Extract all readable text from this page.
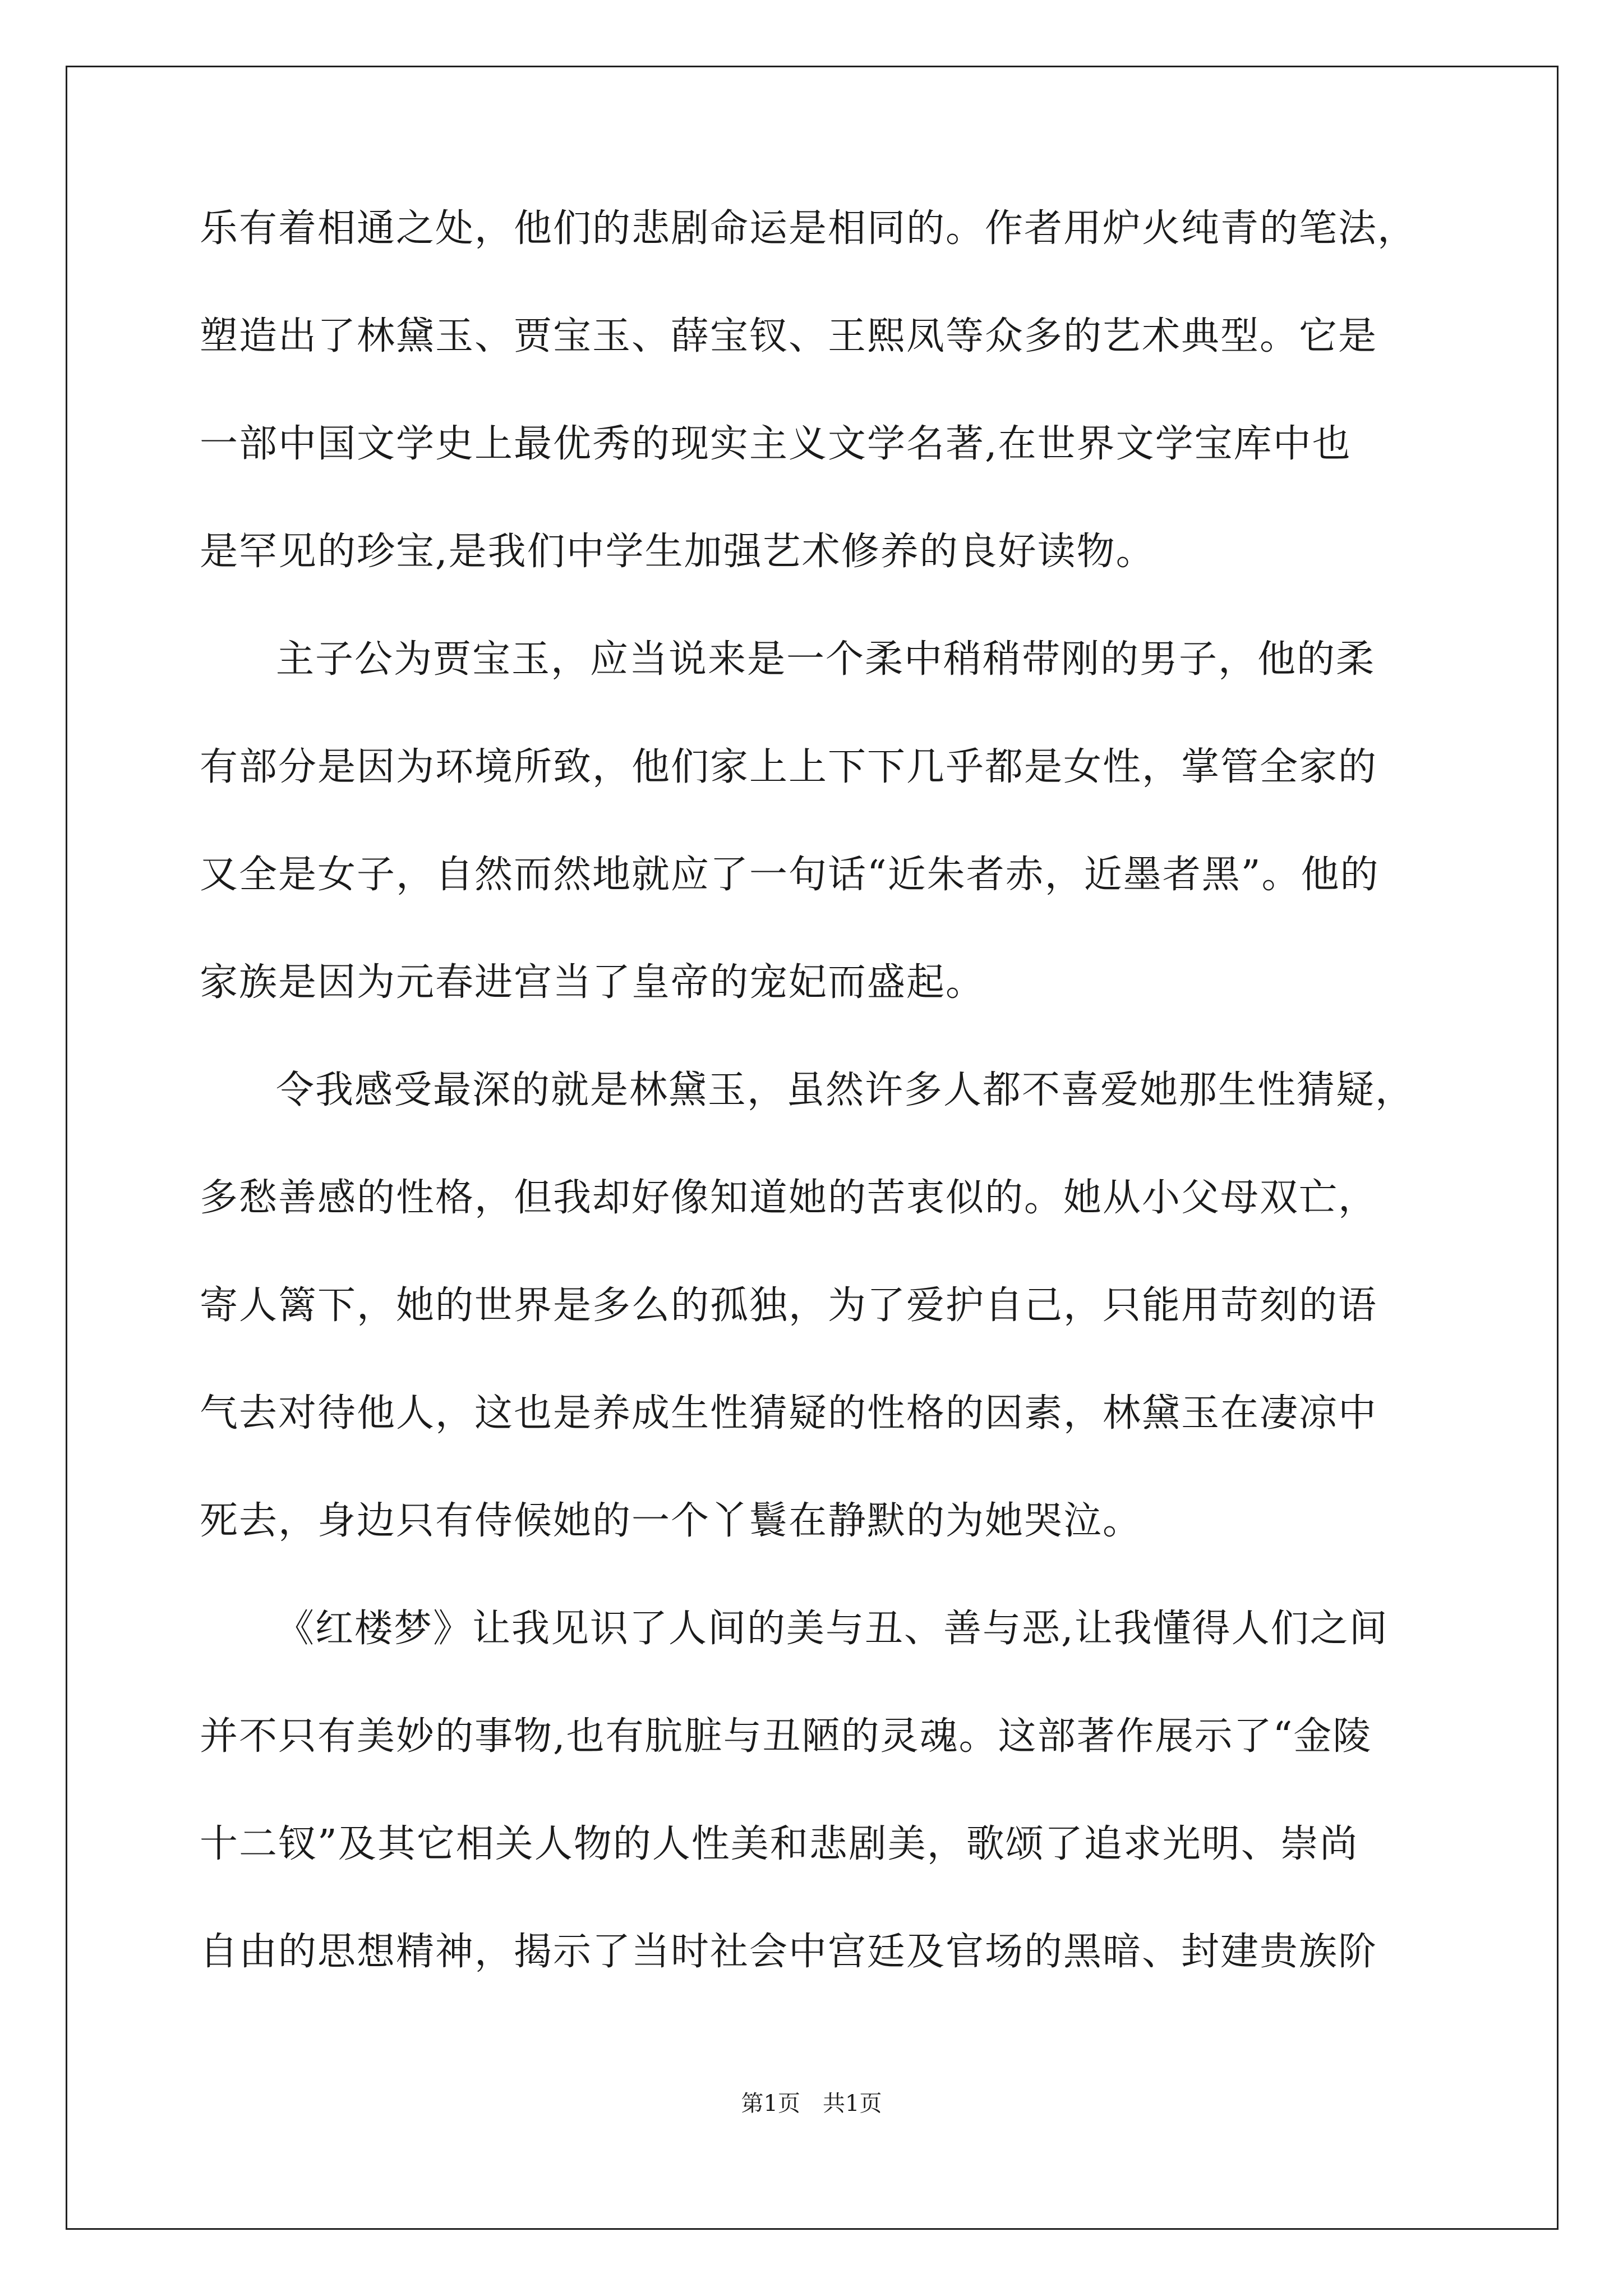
乐有着相通之处，他们的悲剧命运是相同的。作者用炉火纯青的笔法，
塑造出了林黛玉、贾宝玉、薛宝钗、王熙凤等众多的艺术典型。它是
一部中国文学史上最优秀的现实主义文学名著,在世界文学宝库中也
是罕见的珍宝,是我们中学生加强艺术修养的良好读物。
主子公为贾宝玉，应当说来是一个柔中稍稍带刚的男子，他的柔
有部分是因为环境所致，他们家上上下下几乎都是女性，掌管全家的
又全是女子，自然而然地就应了一句话“近朱者赤，近墨者黑”。他的
家族是因为元春进宫当了皇帝的宠妃而盛起。
令我感受最深的就是林黛玉，虽然许多人都不喜爱她那生性猜疑，
多愁善感的性格，但我却好像知道她的苦衷似的。她从小父母双亡，
寄人篱下，她的世界是多么的孤独，为了爱护自己，只能用苛刻的语
气去对待他人，这也是养成生性猜疑的性格的因素，林黛玉在凄凉中
死去，身边只有侍候她的一个丫鬟在静默的为她哭泣。
《红楼梦》让我见识了人间的美与丑、善与恶,让我懂得人们之间
并不只有美妙的事物,也有肮脏与丑陋的灵魂。这部著作展示了“金陵
十二钗”及其它相关人物的人性美和悲剧美，歌颂了追求光明、崇尚
自由的思想精神，揭示了当时社会中宫廷及官场的黑暗、封建贵族阶
第1页　共1页
